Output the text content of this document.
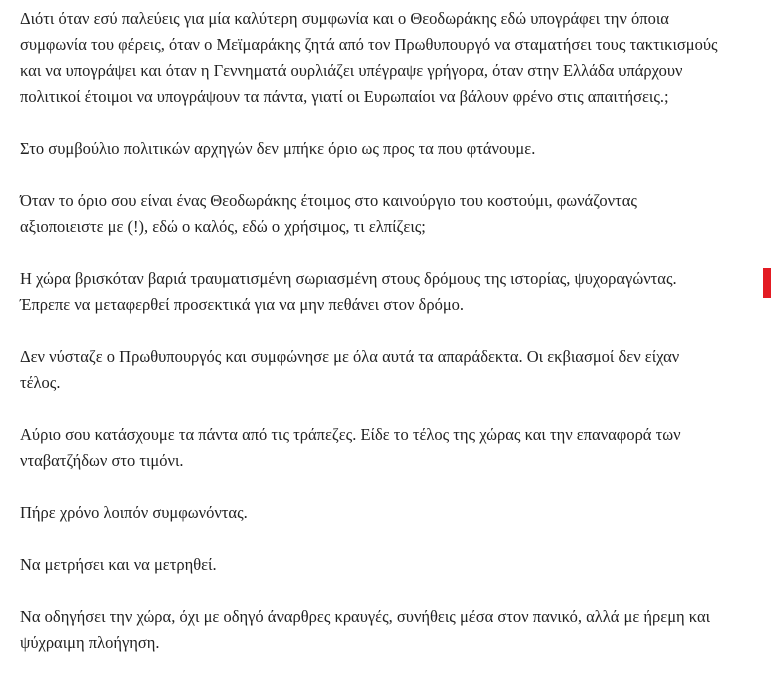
Διότι όταν εσύ παλεύεις για μία καλύτερη συμφωνία και ο Θεοδωράκης εδώ υπογράφει την όποια συμφωνία του φέρεις, όταν ο Μεϊμαράκης ζητά από τον Πρωθυπουργό να σταματήσει τους τακτικισμούς και να υπογράψει και όταν η Γεννηματά ουρλιάζει υπέγραψε γρήγορα, όταν στην Ελλάδα υπάρχουν πολιτικοί έτοιμοι να υπογράψουν τα πάντα, γιατί οι Ευρωπαίοι να βάλουν φρένο στις απαιτήσεις.;

Στο συμβούλιο πολιτικών αρχηγών δεν μπήκε όριο ως προς τα που φτάνουμε.

Όταν το όριο σου είναι ένας Θεοδωράκης έτοιμος στο καινούργιο του κοστούμι, φωνάζοντας αξιοποιειστε με (!), εδώ ο καλός, εδώ ο χρήσιμος, τι ελπίζεις;

Η χώρα βρισκόταν βαριά τραυματισμένη σωριασμένη στους δρόμους της ιστορίας, ψυχοραγώντας. Έπρεπε να μεταφερθεί προσεκτικά για να μην πεθάνει στον δρόμο.

Δεν νύσταζε ο Πρωθυπουργός και συμφώνησε με όλα αυτά τα απαράδεκτα. Οι εκβιασμοί δεν είχαν τέλος.

Αύριο σου κατάσχουμε τα πάντα από τις τράπεζες. Είδε το τέλος της χώρας και την επαναφορά των νταβατζήδων στο τιμόνι.

Πήρε χρόνο λοιπόν συμφωνόντας.

Να μετρήσει και να μετρηθεί.

Να οδηγήσει την χώρα, όχι με οδηγό άναρθρες κραυγές, συνήθεις μέσα στον πανικό, αλλά με ήρεμη και ψύχραιμη πλοήγηση.
